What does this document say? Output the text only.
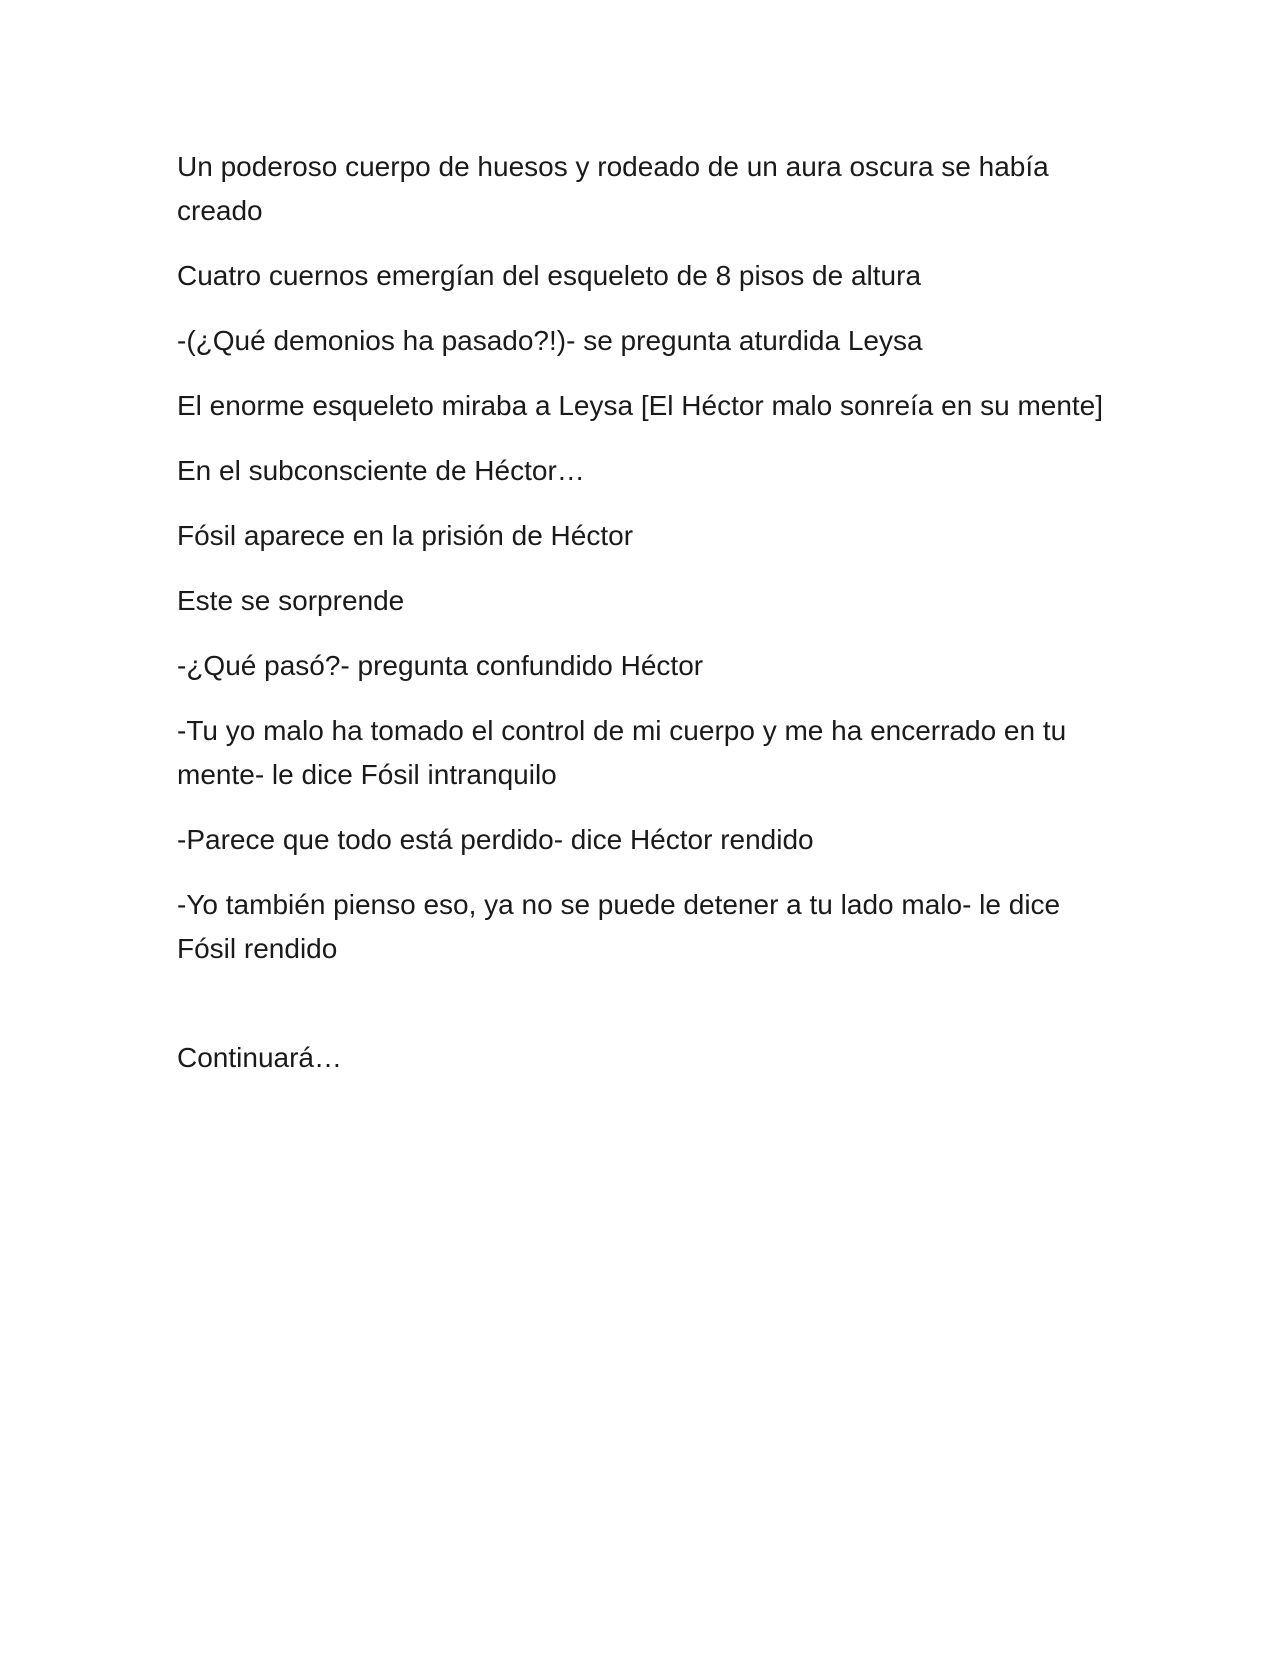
Un poderoso cuerpo de huesos y rodeado de un aura oscura se había creado

Cuatro cuernos emergían del esqueleto de 8 pisos de altura

-(¿Qué demonios ha pasado?!)- se pregunta aturdida Leysa

El enorme esqueleto miraba a Leysa [El Héctor malo sonreía en su mente]

En el subconsciente de Héctor…

Fósil aparece en la prisión de Héctor

Este se sorprende

-¿Qué pasó?- pregunta confundido Héctor

-Tu yo malo ha tomado el control de mi cuerpo y me ha encerrado en tu mente- le dice Fósil intranquilo

-Parece que todo está perdido- dice Héctor rendido

-Yo también pienso eso, ya no se puede detener a tu lado malo- le dice Fósil rendido

Continuará…
